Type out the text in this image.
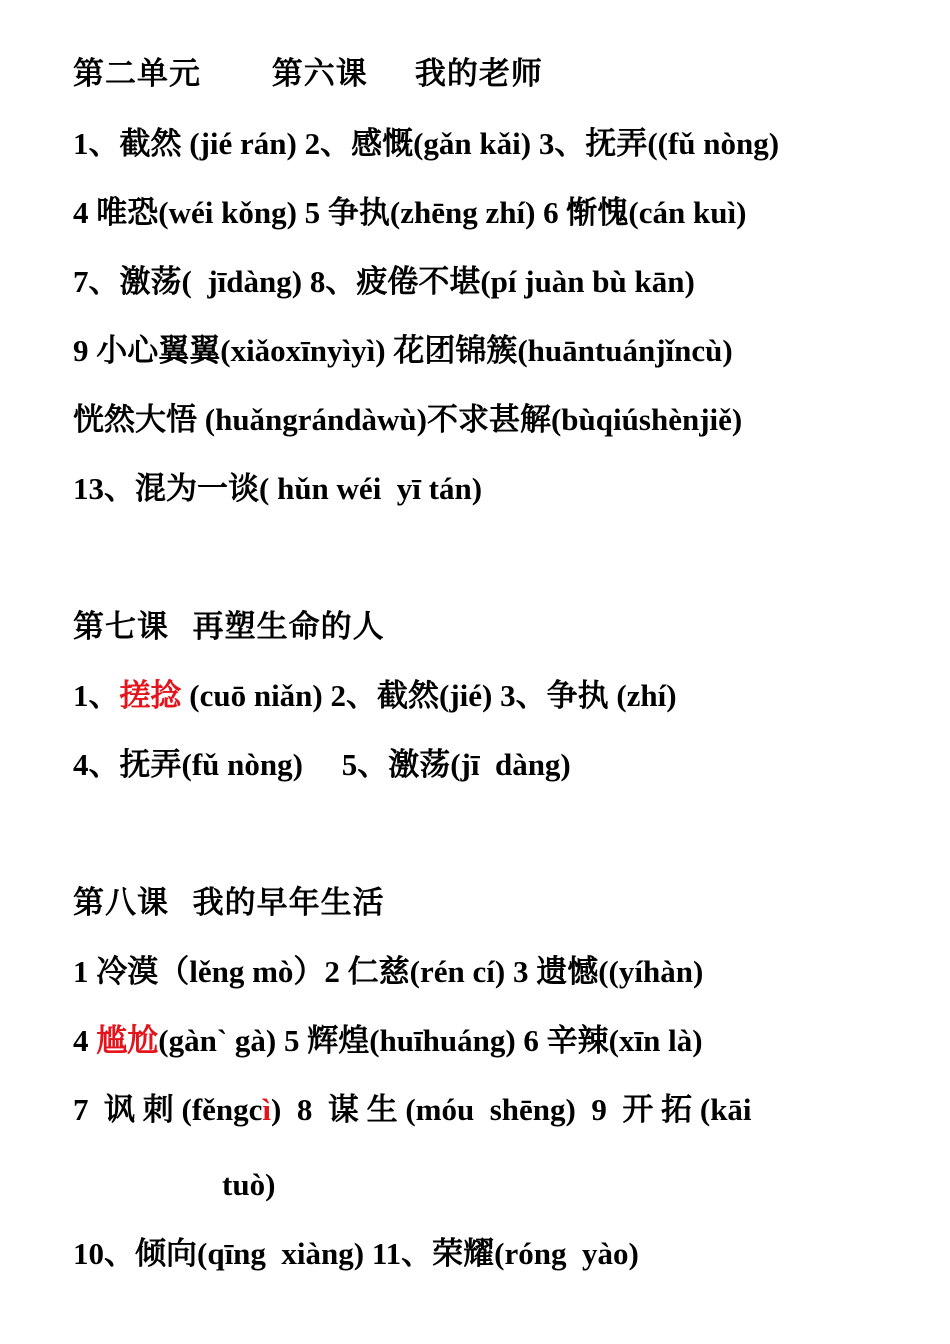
第二单元      第六课    我的老师
1、截然 (jié rán) 2、感慨(gǎn kǎi) 3、抚弄((fǔ nòng)
4 唯恐(wéi kǒng) 5 争执(zhēng zhí) 6 惭愧(cán kuì)
7、激荡(  jīdàng) 8、疲倦不堪(pí juàn bù kān)
9 小心翼翼(xiǎoxīnyìyì) 花团锦簇(huāntuánjǐncù)
恍然大悟 (huǎngrándàwù)不求甚解(bùqiúshènjiě)
13、混为一谈( hǔn wéi  yī tán)
第七课  再塑生命的人
1、搓捻 (cuō niǎn) 2、截然(jié) 3、争执 (zhí)
4、抚弄(fǔ nòng)     5、激荡(jī  dàng)
第八课  我的早年生活
1 冷漠（lěng mò）2 仁慈(rén cí) 3 遗憾((yíhàn)
4 尴尬(gàn` gà) 5 辉煌(huīhuáng) 6 辛辣(xīn là)
7  讽 刺 (fěngcì)  8  谋 生 (móu  shēng)  9  开 拓 (kāi
tuò)
10、倾向(qīng  xiàng) 11、荣耀(róng  yào)
